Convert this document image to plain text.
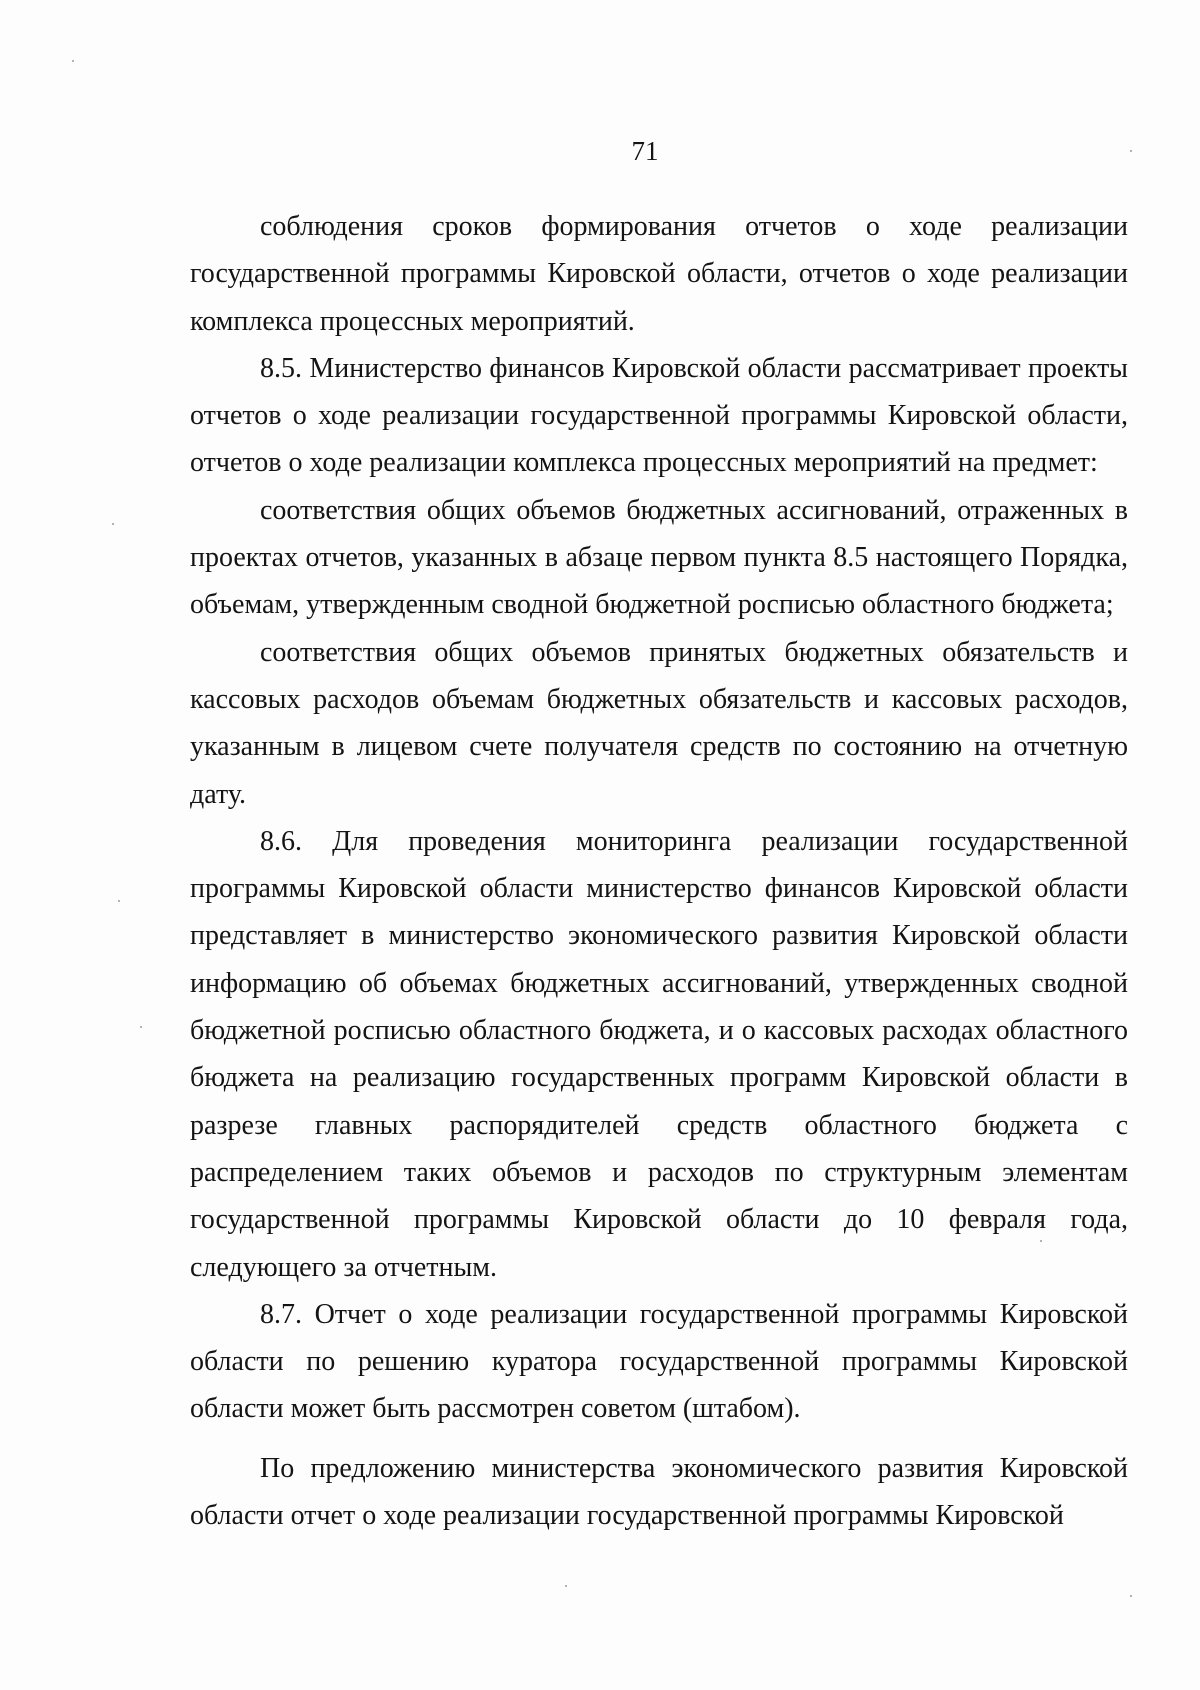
71

соблюдения сроков формирования отчетов о ходе реализации государственной программы Кировской области, отчетов о ходе реализации комплекса процессных мероприятий.

8.5. Министерство финансов Кировской области рассматривает проекты отчетов о ходе реализации государственной программы Кировской области, отчетов о ходе реализации комплекса процессных мероприятий на предмет:

соответствия общих объемов бюджетных ассигнований, отраженных в проектах отчетов, указанных в абзаце первом пункта 8.5 настоящего Порядка, объемам, утвержденным сводной бюджетной росписью областного бюджета;

соответствия общих объемов принятых бюджетных обязательств и кассовых расходов объемам бюджетных обязательств и кассовых расходов, указанным в лицевом счете получателя средств по состоянию на отчетную дату.

8.6. Для проведения мониторинга реализации государственной программы Кировской области министерство финансов Кировской области представляет в министерство экономического развития Кировской области информацию об объемах бюджетных ассигнований, утвержденных сводной бюджетной росписью областного бюджета, и о кассовых расходах областного бюджета на реализацию государственных программ Кировской области в разрезе главных распорядителей средств областного бюджета с распределением таких объемов и расходов по структурным элементам государственной программы Кировской области до 10 февраля года, следующего за отчетным.

8.7. Отчет о ходе реализации государственной программы Кировской области по решению куратора государственной программы Кировской области может быть рассмотрен советом (штабом).

По предложению министерства экономического развития Кировской области отчет о ходе реализации государственной программы Кировской
